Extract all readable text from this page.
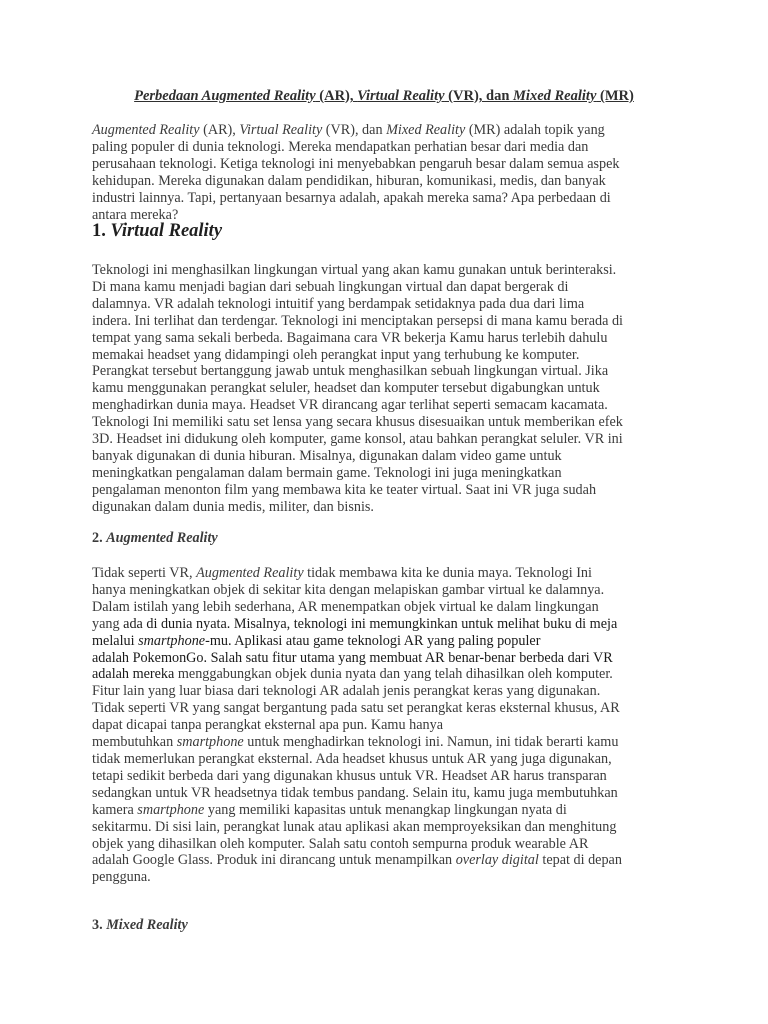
Perbedaan Augmented Reality (AR), Virtual Reality (VR), dan Mixed Reality (MR)
Augmented Reality (AR), Virtual Reality (VR), dan Mixed Reality (MR) adalah topik yang
paling populer di dunia teknologi. Mereka mendapatkan perhatian besar dari media dan
perusahaan teknologi. Ketiga teknologi ini menyebabkan pengaruh besar dalam semua aspek
kehidupan. Mereka digunakan dalam pendidikan, hiburan, komunikasi, medis, dan banyak
industri lainnya. Tapi, pertanyaan besarnya adalah, apakah mereka sama? Apa perbedaan di
antara mereka?
1. Virtual Reality
Teknologi ini menghasilkan lingkungan virtual yang akan kamu gunakan untuk berinteraksi.
Di mana kamu menjadi bagian dari sebuah lingkungan virtual dan dapat bergerak di
dalamnya. VR adalah teknologi intuitif yang berdampak setidaknya pada dua dari lima
indera. Ini terlihat dan terdengar. Teknologi ini menciptakan persepsi di mana kamu berada di
tempat yang sama sekali berbeda. Bagaimana cara VR bekerja Kamu harus terlebih dahulu
memakai headset yang didampingi oleh perangkat input yang terhubung ke komputer.
Perangkat tersebut bertanggung jawab untuk menghasilkan sebuah lingkungan virtual. Jika
kamu menggunakan perangkat seluler, headset dan komputer tersebut digabungkan untuk
menghadirkan dunia maya. Headset VR dirancang agar terlihat seperti semacam kacamata.
Teknologi Ini memiliki satu set lensa yang secara khusus disesuaikan untuk memberikan efek
3D. Headset ini didukung oleh komputer, game konsol, atau bahkan perangkat seluler. VR ini
banyak digunakan di dunia hiburan. Misalnya, digunakan dalam video game untuk
meningkatkan pengalaman dalam bermain game. Teknologi ini juga meningkatkan
pengalaman menonton film yang membawa kita ke teater virtual. Saat ini VR juga sudah
digunakan dalam dunia medis, militer, dan bisnis.
2. Augmented Reality
Tidak seperti VR, Augmented Reality tidak membawa kita ke dunia maya. Teknologi Ini
hanya meningkatkan objek di sekitar kita dengan melapiskan gambar virtual ke dalamnya.
Dalam istilah yang lebih sederhana, AR menempatkan objek virtual ke dalam lingkungan
yang ada di dunia nyata. Misalnya, teknologi ini memungkinkan untuk melihat buku di meja
melalui smartphone-mu. Aplikasi atau game teknologi AR yang paling populer
adalah PokemonGo. Salah satu fitur utama yang membuat AR benar-benar berbeda dari VR
adalah mereka menggabungkan objek dunia nyata dan yang telah dihasilkan oleh komputer.
Fitur lain yang luar biasa dari teknologi AR adalah jenis perangkat keras yang digunakan.
Tidak seperti VR yang sangat bergantung pada satu set perangkat keras eksternal khusus, AR
dapat dicapai tanpa perangkat eksternal apa pun. Kamu hanya
membutuhkan smartphone untuk menghadirkan teknologi ini. Namun, ini tidak berarti kamu
tidak memerlukan perangkat eksternal. Ada headset khusus untuk AR yang juga digunakan,
tetapi sedikit berbeda dari yang digunakan khusus untuk VR. Headset AR harus transparan
sedangkan untuk VR headsetnya tidak tembus pandang. Selain itu, kamu juga membutuhkan
kamera smartphone yang memiliki kapasitas untuk menangkap lingkungan nyata di
sekitarmu. Di sisi lain, perangkat lunak atau aplikasi akan memproyeksikan dan menghitung
objek yang dihasilkan oleh komputer. Salah satu contoh sempurna produk wearable AR
adalah Google Glass. Produk ini dirancang untuk menampilkan overlay digital tepat di depan
pengguna.
3. Mixed Reality
